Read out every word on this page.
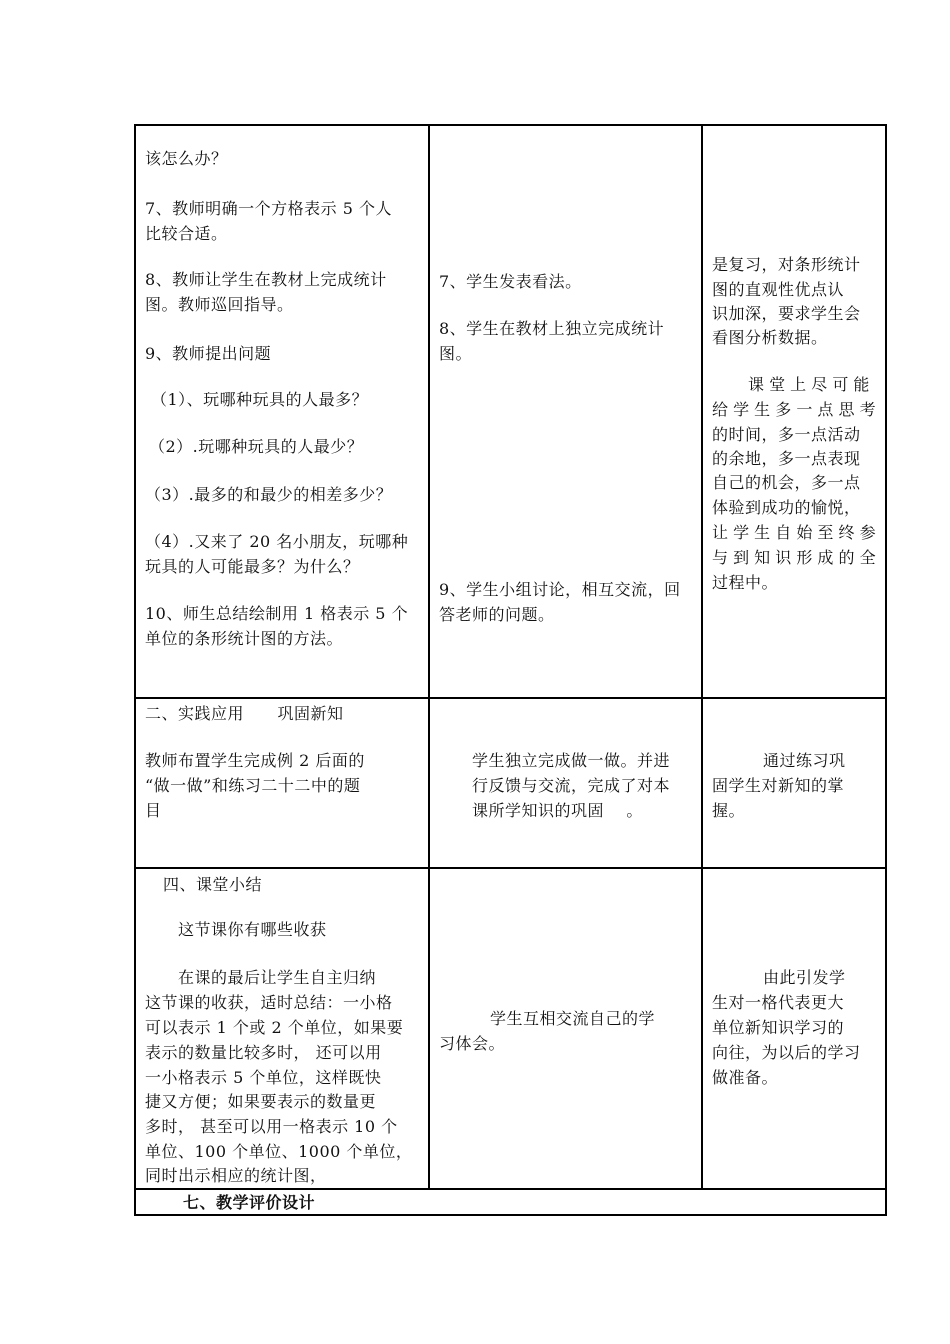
该怎么办？
7、教师明确一个方格表示 5 个人
比较合适。
8、教师让学生在教材上完成统计
图。教师巡回指导。
9、教师提出问题
（1）、玩哪种玩具的人最多？
（2）.玩哪种玩具的人最少？
（3）.最多的和最少的相差多少？
（4）.又来了 20 名小朋友，玩哪种
玩具的人可能最多？为什么？
10、师生总结绘制用 1 格表示 5 个
单位的条形统计图的方法。
7、学生发表看法。
8、学生在教材上独立完成统计
图。
9、学生小组讨论，相互交流，回
答老师的问题。
是复习，对条形统计
图的直观性优点认
识加深，要求学生会
看图分析数据。
课 堂 上 尽 可 能
给 学 生 多 一 点 思 考
的时间，多一点活动
的余地，多一点表现
自己的机会，多一点
体验到成功的愉悦，
让 学 生 自 始 至 终 参
与 到 知 识 形 成 的 全
过程中。
二、实践应用      巩固新知
教师布置学生完成例 2 后面的
“做一做”和练习二十二中的题
目
学生独立完成做一做。并进
行反馈与交流，完成了对本
课所学知识的巩固    。
通过练习巩
固学生对新知的掌
握。
四、课堂小结
这节课你有哪些收获
在课的最后让学生自主归纳
这节课的收获，适时总结：一小格
可以表示 1 个或 2 个单位，如果要
表示的数量比较多时， 还可以用
一小格表示 5 个单位，这样既快
捷又方便；如果要表示的数量更
多时， 甚至可以用一格表示 10 个
单位、100 个单位、1000 个单位，
同时出示相应的统计图，
学生互相交流自己的学
习体会。
由此引发学
生对一格代表更大
单位新知识学习的
向往，为以后的学习
做准备。
七、教学评价设计
